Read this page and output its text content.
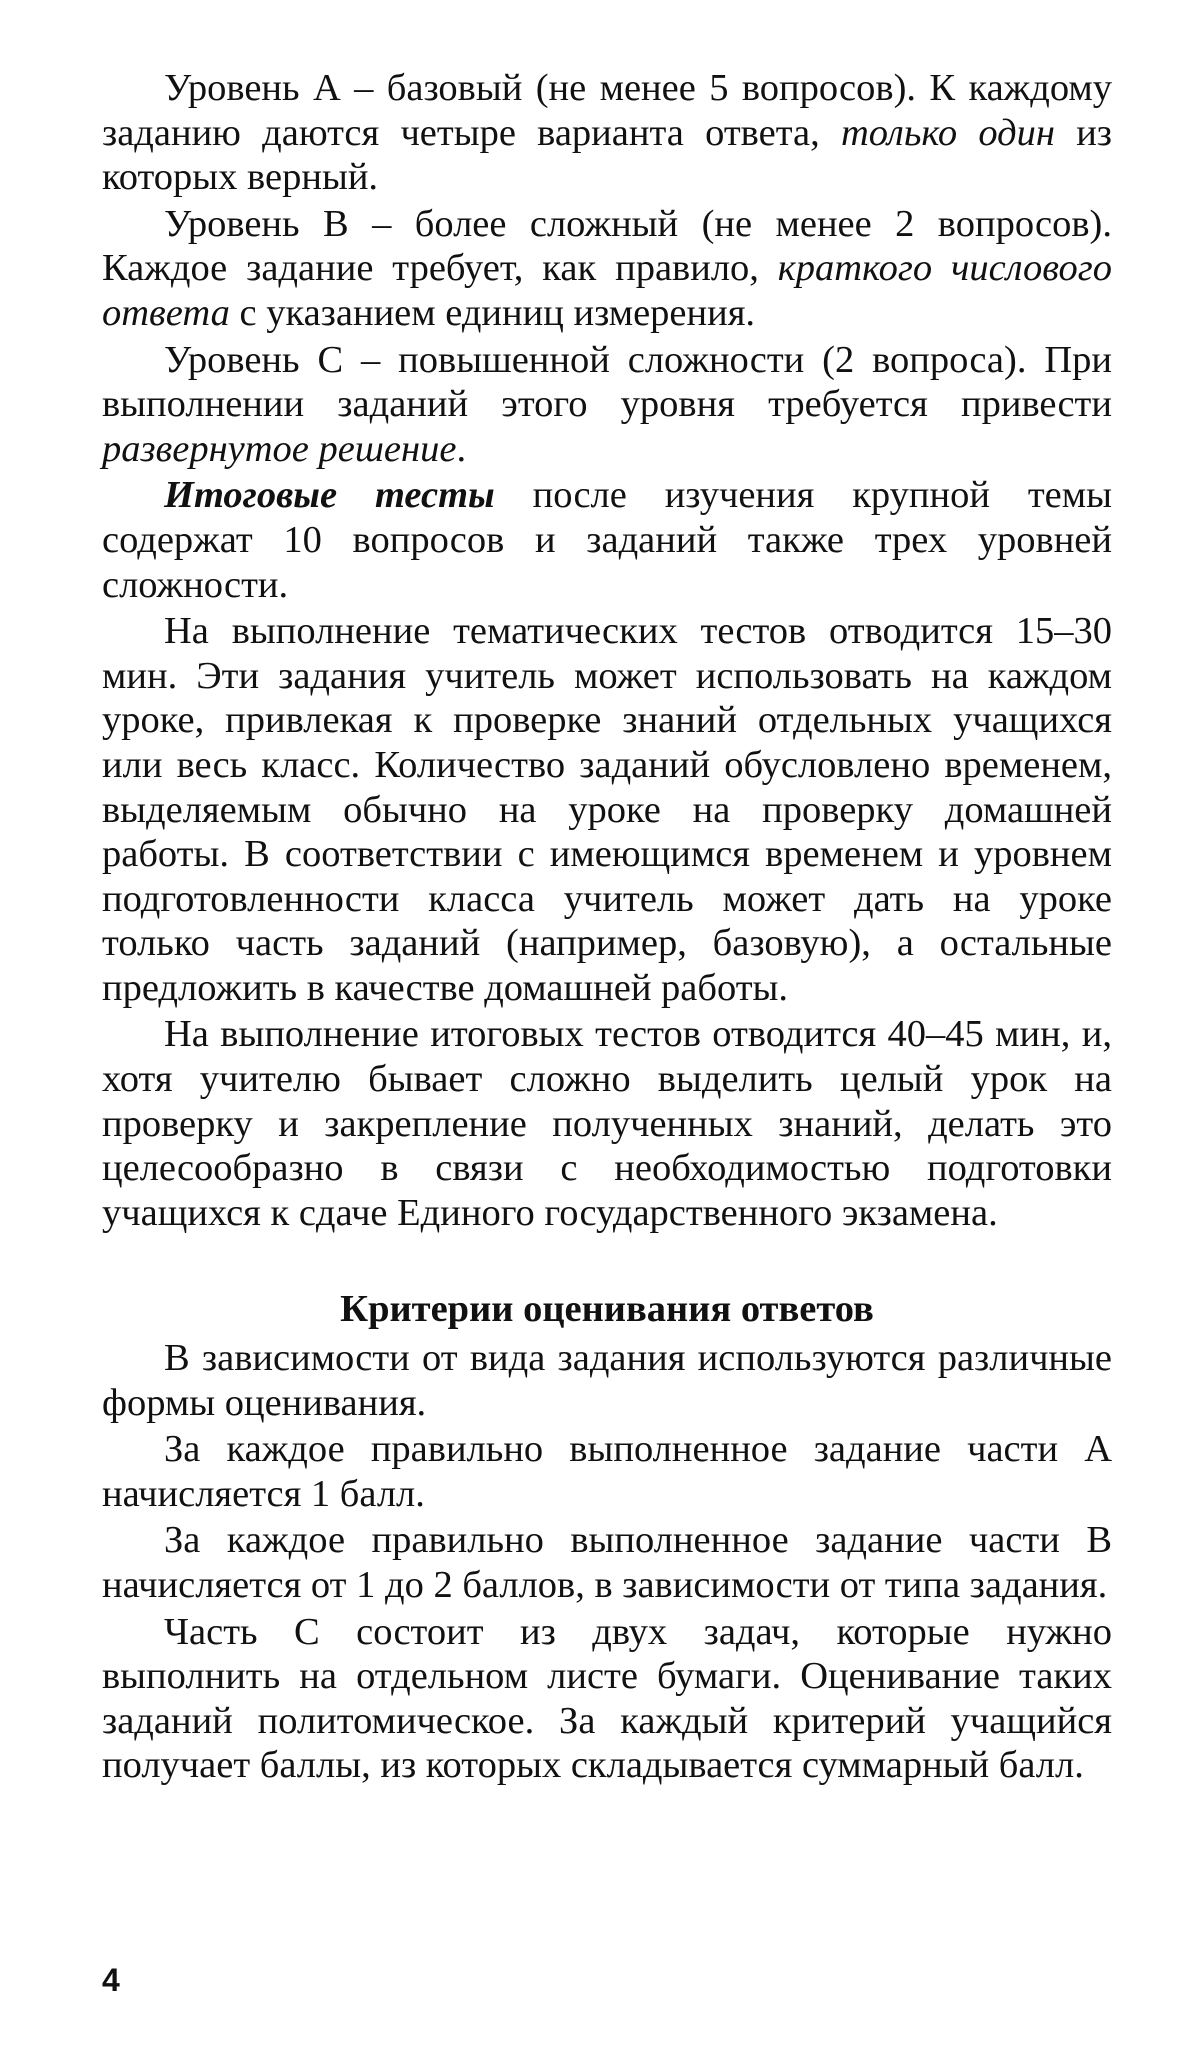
Уровень А – базовый (не менее 5 вопросов). К каждому заданию даются четыре варианта ответа, только один из которых верный.

Уровень В – более сложный (не менее 2 вопросов). Каждое задание требует, как правило, краткого числового ответа с указанием единиц измерения.

Уровень С – повышенной сложности (2 вопроса). При выполнении заданий этого уровня требуется привести развернутое решение.

Итоговые тесты после изучения крупной темы содержат 10 вопросов и заданий также трех уровней сложности.

На выполнение тематических тестов отводится 15–30 мин. Эти задания учитель может использовать на каждом уроке, привлекая к проверке знаний отдельных учащихся или весь класс. Количество заданий обусловлено временем, выделяемым обычно на уроке на проверку домашней работы. В соответствии с имеющимся временем и уровнем подготовленности класса учитель может дать на уроке только часть заданий (например, базовую), а остальные предложить в качестве домашней работы.

На выполнение итоговых тестов отводится 40–45 мин, и, хотя учителю бывает сложно выделить целый урок на проверку и закрепление полученных знаний, делать это целесообразно в связи с необходимостью подготовки учащихся к сдаче Единого государственного экзамена.

Критерии оценивания ответов

В зависимости от вида задания используются различные формы оценивания.

За каждое правильно выполненное задание части А начисляется 1 балл.

За каждое правильно выполненное задание части В начисляется от 1 до 2 баллов, в зависимости от типа задания.

Часть С состоит из двух задач, которые нужно выполнить на отдельном листе бумаги. Оценивание таких заданий политомическое. За каждый критерий учащийся получает баллы, из которых складывается суммарный балл.

4
